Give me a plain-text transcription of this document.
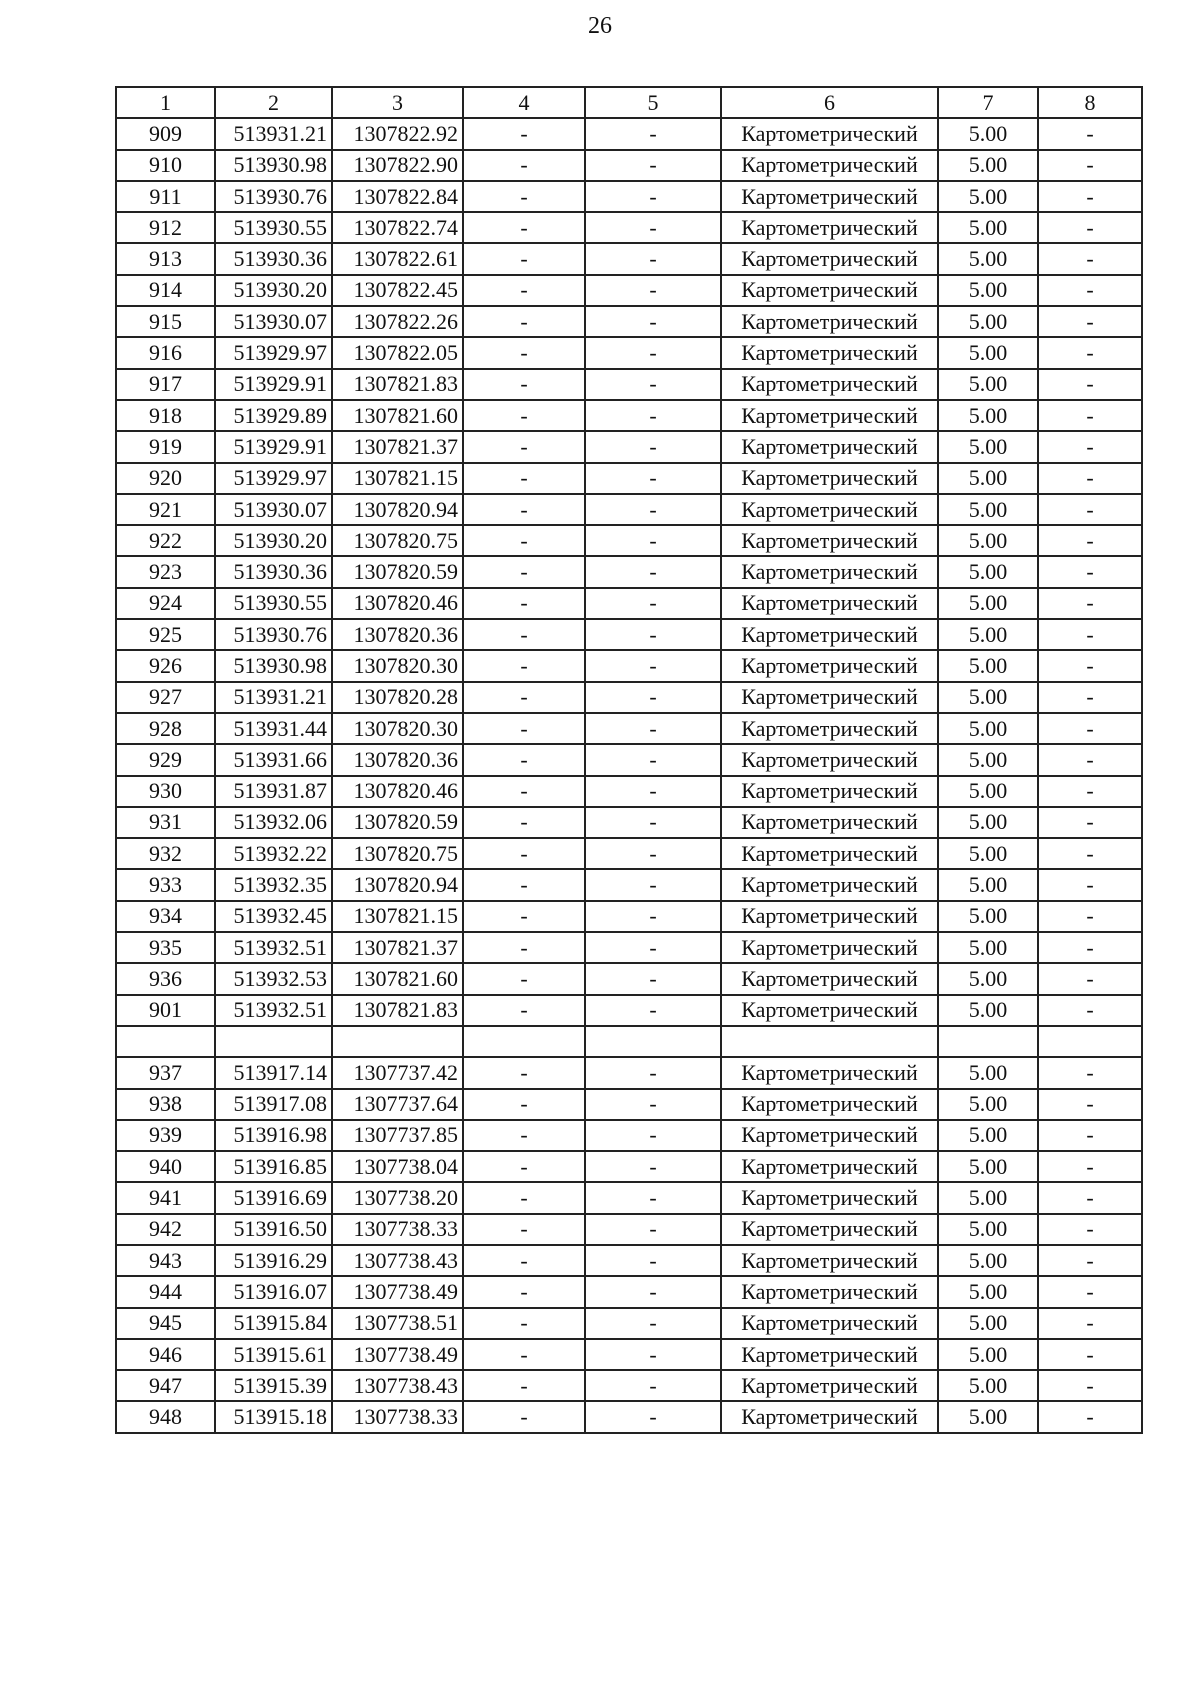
26
1	2	3	4	5	6	7	8
909	513931.21	1307822.92	-	-	Картометрический	5.00	-
910	513930.98	1307822.90	-	-	Картометрический	5.00	-
911	513930.76	1307822.84	-	-	Картометрический	5.00	-
912	513930.55	1307822.74	-	-	Картометрический	5.00	-
913	513930.36	1307822.61	-	-	Картометрический	5.00	-
914	513930.20	1307822.45	-	-	Картометрический	5.00	-
915	513930.07	1307822.26	-	-	Картометрический	5.00	-
916	513929.97	1307822.05	-	-	Картометрический	5.00	-
917	513929.91	1307821.83	-	-	Картометрический	5.00	-
918	513929.89	1307821.60	-	-	Картометрический	5.00	-
919	513929.91	1307821.37	-	-	Картометрический	5.00	-
920	513929.97	1307821.15	-	-	Картометрический	5.00	-
921	513930.07	1307820.94	-	-	Картометрический	5.00	-
922	513930.20	1307820.75	-	-	Картометрический	5.00	-
923	513930.36	1307820.59	-	-	Картометрический	5.00	-
924	513930.55	1307820.46	-	-	Картометрический	5.00	-
925	513930.76	1307820.36	-	-	Картометрический	5.00	-
926	513930.98	1307820.30	-	-	Картометрический	5.00	-
927	513931.21	1307820.28	-	-	Картометрический	5.00	-
928	513931.44	1307820.30	-	-	Картометрический	5.00	-
929	513931.66	1307820.36	-	-	Картометрический	5.00	-
930	513931.87	1307820.46	-	-	Картометрический	5.00	-
931	513932.06	1307820.59	-	-	Картометрический	5.00	-
932	513932.22	1307820.75	-	-	Картометрический	5.00	-
933	513932.35	1307820.94	-	-	Картометрический	5.00	-
934	513932.45	1307821.15	-	-	Картометрический	5.00	-
935	513932.51	1307821.37	-	-	Картометрический	5.00	-
936	513932.53	1307821.60	-	-	Картометрический	5.00	-
901	513932.51	1307821.83	-	-	Картометрический	5.00	-

937	513917.14	1307737.42	-	-	Картометрический	5.00	-
938	513917.08	1307737.64	-	-	Картометрический	5.00	-
939	513916.98	1307737.85	-	-	Картометрический	5.00	-
940	513916.85	1307738.04	-	-	Картометрический	5.00	-
941	513916.69	1307738.20	-	-	Картометрический	5.00	-
942	513916.50	1307738.33	-	-	Картометрический	5.00	-
943	513916.29	1307738.43	-	-	Картометрический	5.00	-
944	513916.07	1307738.49	-	-	Картометрический	5.00	-
945	513915.84	1307738.51	-	-	Картометрический	5.00	-
946	513915.61	1307738.49	-	-	Картометрический	5.00	-
947	513915.39	1307738.43	-	-	Картометрический	5.00	-
948	513915.18	1307738.33	-	-	Картометрический	5.00	-
